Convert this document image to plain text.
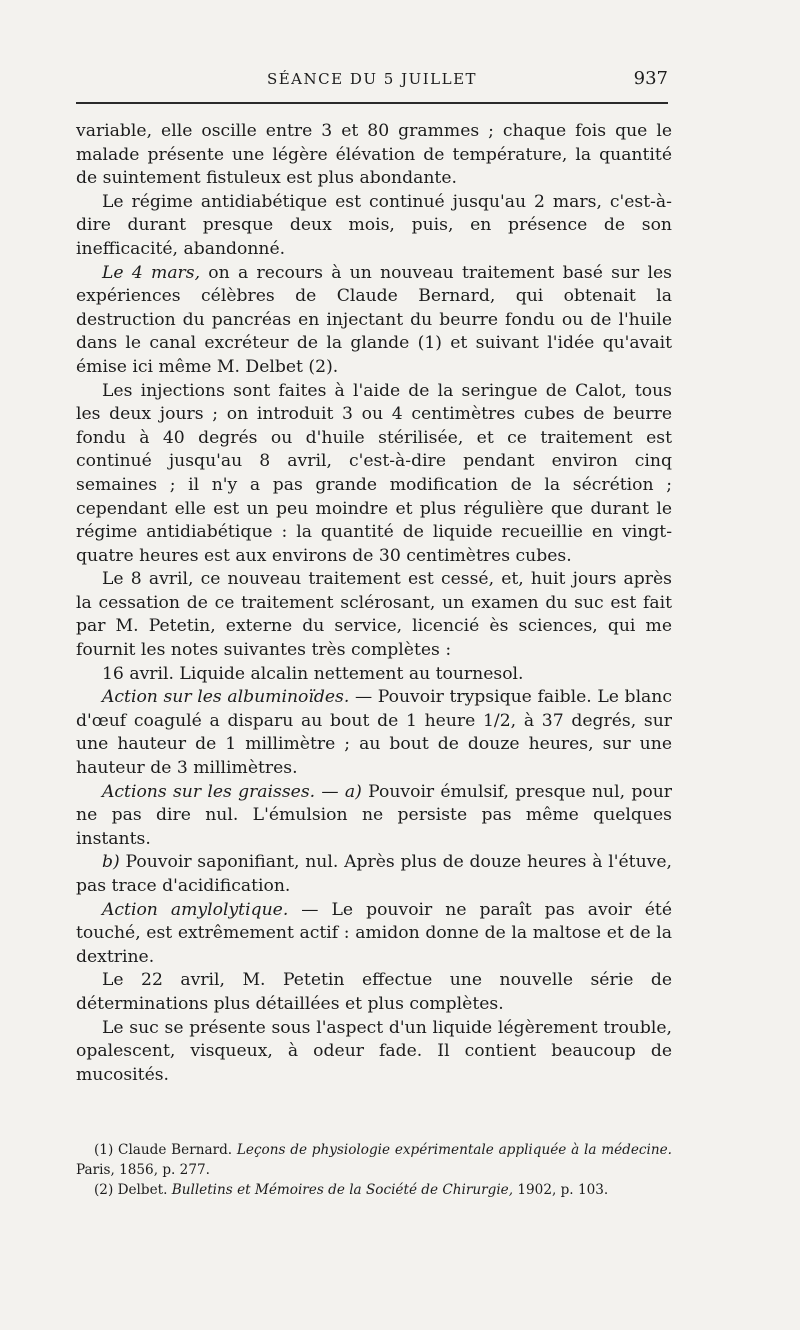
SÉANCE DU 5 JUILLET	937

variable, elle oscille entre 3 et 80 grammes ; chaque fois que le malade présente une légère élévation de température, la quantité de suintement fistuleux est plus abondante.

Le régime antidiabétique est continué jusqu'au 2 mars, c'est-à-dire durant presque deux mois, puis, en présence de son inefficacité, abandonné.

Le 4 mars, on a recours à un nouveau traitement basé sur les expériences célèbres de Claude Bernard, qui obtenait la destruction du pancréas en injectant du beurre fondu ou de l'huile dans le canal excréteur de la glande (1) et suivant l'idée qu'avait émise ici même M. Delbet (2).

Les injections sont faites à l'aide de la seringue de Calot, tous les deux jours ; on introduit 3 ou 4 centimètres cubes de beurre fondu à 40 degrés ou d'huile stérilisée, et ce traitement est continué jusqu'au 8 avril, c'est-à-dire pendant environ cinq semaines ; il n'y a pas grande modification de la sécrétion ; cependant elle est un peu moindre et plus régulière que durant le régime antidiabétique : la quantité de liquide recueillie en vingt-quatre heures est aux environs de 30 centimètres cubes.

Le 8 avril, ce nouveau traitement est cessé, et, huit jours après la cessation de ce traitement sclérosant, un examen du suc est fait par M. Petetin, externe du service, licencié ès sciences, qui me fournit les notes suivantes très complètes :

16 avril. Liquide alcalin nettement au tournesol.

Action sur les albuminoïdes. — Pouvoir trypsique faible. Le blanc d'œuf coagulé a disparu au bout de 1 heure 1/2, à 37 degrés, sur une hauteur de 1 millimètre ; au bout de douze heures, sur une hauteur de 3 millimètres.

Actions sur les graisses. — a) Pouvoir émulsif, presque nul, pour ne pas dire nul. L'émulsion ne persiste pas même quelques instants.

b) Pouvoir saponifiant, nul. Après plus de douze heures à l'étuve, pas trace d'acidification.

Action amylolytique. — Le pouvoir ne paraît pas avoir été touché, est extrêmement actif : amidon donne de la maltose et de la dextrine.

Le 22 avril, M. Petetin effectue une nouvelle série de déterminations plus détaillées et plus complètes.

Le suc se présente sous l'aspect d'un liquide légèrement trouble, opalescent, visqueux, à odeur fade. Il contient beaucoup de mucosités.

(1) Claude Bernard. Leçons de physiologie expérimentale appliquée à la médecine. Paris, 1856, p. 277.

(2) Delbet. Bulletins et Mémoires de la Société de Chirurgie, 1902, p. 103.
